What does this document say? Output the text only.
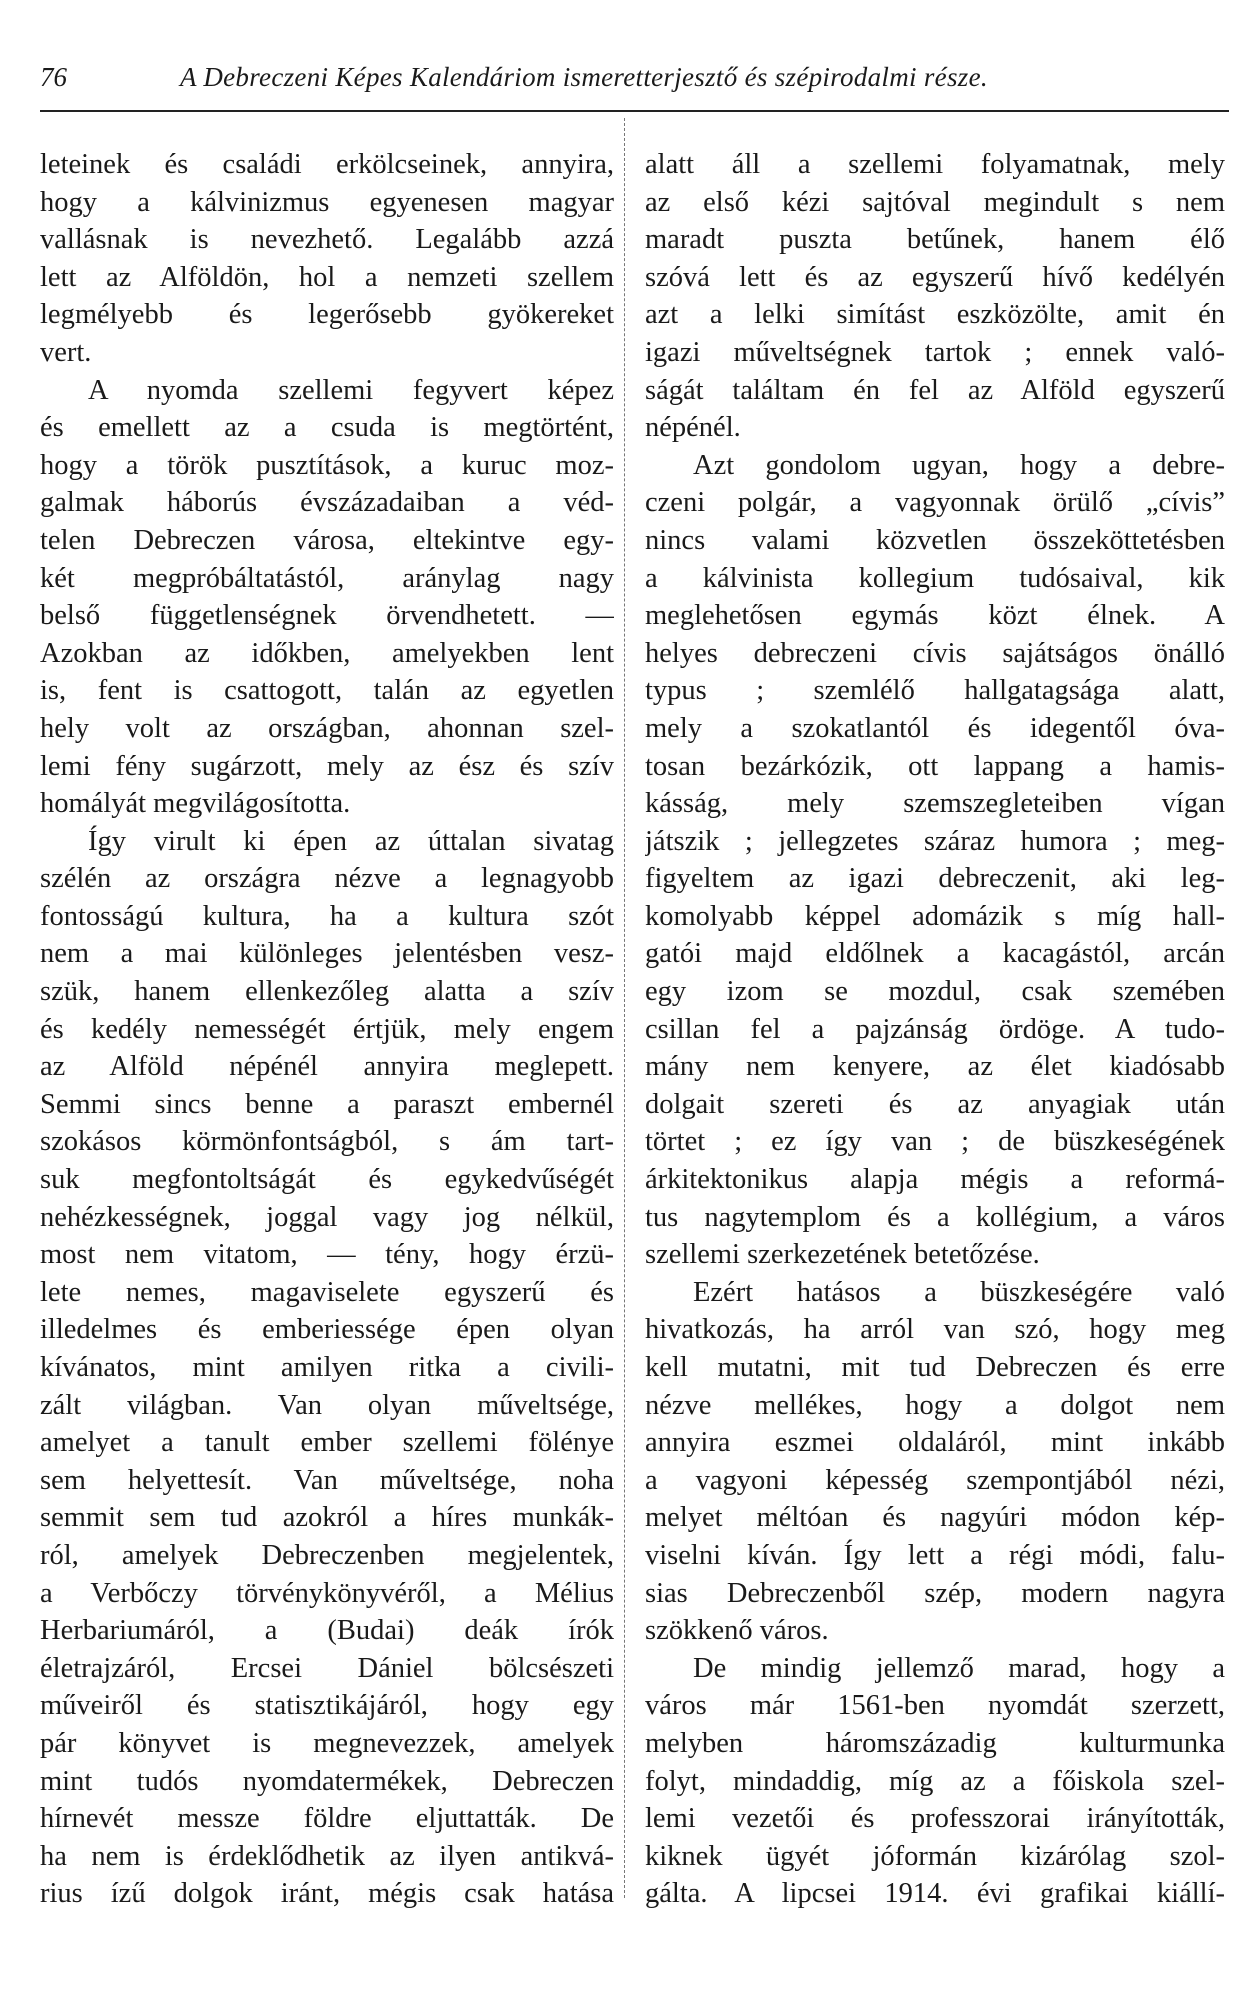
76	A Debreczeni Képes Kalendáriom ismeretterjesztő és szépirodalmi része.
leteinek és családi erkölcseinek, annyira,
hogy a kálvinizmus egyenesen magyar
vallásnak is nevezhető. Legalább azzá
lett az Alföldön, hol a nemzeti szellem
legmélyebb és legerősebb gyökereket
vert.
A nyomda szellemi fegyvert képez
és emellett az a csuda is megtörtént,
hogy a török pusztítások, a kuruc moz-
galmak háborús évszázadaiban a véd-
telen Debreczen városa, eltekintve egy-
két megpróbáltatástól, aránylag nagy
belső függetlenségnek örvendhetett. —
Azokban az időkben, amelyekben lent
is, fent is csattogott, talán az egyetlen
hely volt az országban, ahonnan szel-
lemi fény sugárzott, mely az ész és szív
homályát megvilágosította.
Így virult ki épen az úttalan sivatag
szélén az országra nézve a legnagyobb
fontosságú kultura, ha a kultura szót
nem a mai különleges jelentésben vesz-
szük, hanem ellenkezőleg alatta a szív
és kedély nemességét értjük, mely engem
az Alföld népénél annyira meglepett.
Semmi sincs benne a paraszt embernél
szokásos körmönfontságból, s ám tart-
suk megfontoltságát és egykedvűségét
nehézkességnek, joggal vagy jog nélkül,
most nem vitatom, — tény, hogy érzü-
lete nemes, magaviselete egyszerű és
illedelmes és emberiessége épen olyan
kívánatos, mint amilyen ritka a civili-
zált világban. Van olyan műveltsége,
amelyet a tanult ember szellemi fölénye
sem helyettesít. Van műveltsége, noha
semmit sem tud azokról a híres munkák-
ról, amelyek Debreczenben megjelentek,
a Verbőczy törvénykönyvéről, a Mélius
Herbariumáról, a (Budai) deák írók
életrajzáról, Ercsei Dániel bölcsészeti
műveiről és statisztikájáról, hogy egy
pár könyvet is megnevezzek, amelyek
mint tudós nyomdatermékek, Debreczen
hírnevét messze földre eljuttatták. De
ha nem is érdeklődhetik az ilyen antikvá-
rius ízű dolgok iránt, mégis csak hatása
alatt áll a szellemi folyamatnak, mely
az első kézi sajtóval megindult s nem
maradt puszta betűnek, hanem élő
szóvá lett és az egyszerű hívő kedélyén
azt a lelki simítást eszközölte, amit én
igazi műveltségnek tartok ; ennek való-
ságát találtam én fel az Alföld egyszerű
népénél.
Azt gondolom ugyan, hogy a debre-
czeni polgár, a vagyonnak örülő „cívis”
nincs valami közvetlen összeköttetésben
a kálvinista kollegium tudósaival, kik
meglehetősen egymás közt élnek. A
helyes debreczeni cívis sajátságos önálló
typus ; szemlélő hallgatagsága alatt,
mely a szokatlantól és idegentől óva-
tosan bezárkózik, ott lappang a hamis-
kásság, mely szemszegleteiben vígan
játszik ; jellegzetes száraz humora ; meg-
figyeltem az igazi debreczenit, aki leg-
komolyabb képpel adomázik s míg hall-
gatói majd eldőlnek a kacagástól, arcán
egy izom se mozdul, csak szemében
csillan fel a pajzánság ördöge. A tudo-
mány nem kenyere, az élet kiadósabb
dolgait szereti és az anyagiak után
törtet ; ez így van ; de büszkeségének
árkitektonikus alapja mégis a reformá-
tus nagytemplom és a kollégium, a város
szellemi szerkezetének betetőzése.
Ezért hatásos a büszkeségére való
hivatkozás, ha arról van szó, hogy meg
kell mutatni, mit tud Debreczen és erre
nézve mellékes, hogy a dolgot nem
annyira eszmei oldaláról, mint inkább
a vagyoni képesség szempontjából nézi,
melyet méltóan és nagyúri módon kép-
viselni kíván. Így lett a régi módi, falu-
sias Debreczenből szép, modern nagyra
szökkenő város.
De mindig jellemző marad, hogy a
város már 1561-ben nyomdát szerzett,
melyben háromszázadig kulturmunka
folyt, mindaddig, míg az a főiskola szel-
lemi vezetői és professzorai irányították,
kiknek ügyét jóformán kizárólag szol-
gálta. A lipcsei 1914. évi grafikai kiállí-
